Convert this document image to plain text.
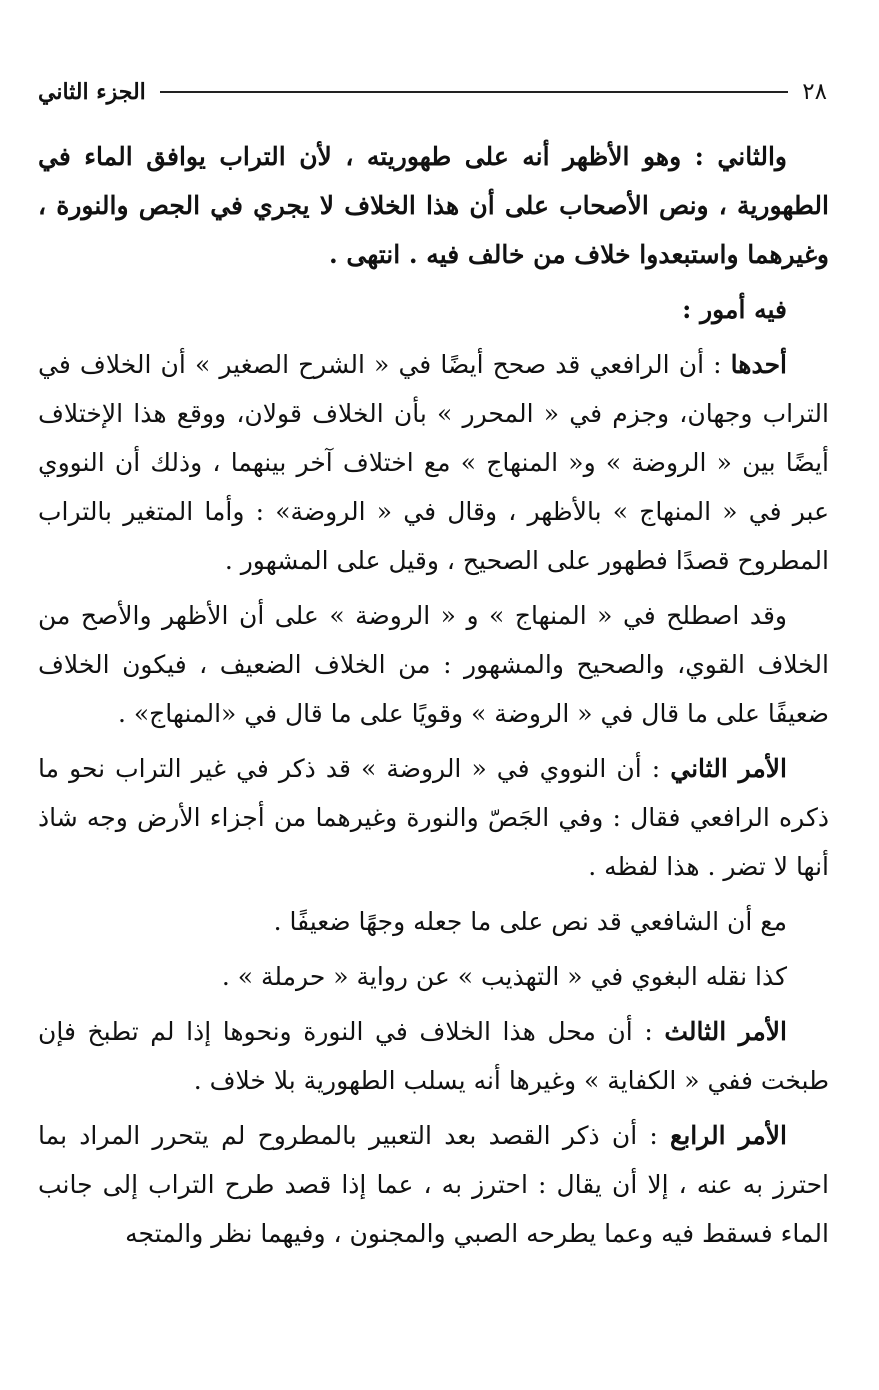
٢٨
الجزء الثاني

والثاني : وهو الأظهر أنه على طهوريته ، لأن التراب يوافق الماء في الطهورية ، ونص الأصحاب على أن هذا الخلاف لا يجري في الجص والنورة ، وغيرهما واستبعدوا خلاف من خالف فيه . انتهى .

فيه أمور :

أحدها : أن الرافعي قد صحح أيضًا في « الشرح الصغير » أن الخلاف في التراب وجهان، وجزم في « المحرر » بأن الخلاف قولان، ووقع هذا الإختلاف أيضًا بين « الروضة » و« المنهاج » مع اختلاف آخر بينهما ، وذلك أن النووي عبر في « المنهاج » بالأظهر ، وقال في « الروضة» : وأما المتغير بالتراب المطروح قصدًا فطهور على الصحيح ، وقيل على المشهور .

وقد اصطلح في « المنهاج » و « الروضة » على أن الأظهر والأصح من الخلاف القوي، والصحيح والمشهور : من الخلاف الضعيف ، فيكون الخلاف ضعيفًا على ما قال في « الروضة » وقويًا على ما قال في «المنهاج» .

الأمر الثاني : أن النووي في « الروضة » قد ذكر في غير التراب نحو ما ذكره الرافعي فقال : وفي الجَصّ والنورة وغيرهما من أجزاء الأرض وجه شاذ أنها لا تضر . هذا لفظه .

مع أن الشافعي قد نص على ما جعله وجهًا ضعيفًا .

كذا نقله البغوي في « التهذيب » عن رواية « حرملة » .

الأمر الثالث : أن محل هذا الخلاف في النورة ونحوها إذا لم تطبخ فإن طبخت ففي « الكفاية » وغيرها أنه يسلب الطهورية بلا خلاف .

الأمر الرابع : أن ذكر القصد بعد التعبير بالمطروح لم يتحرر المراد بما احترز به عنه ، إلا أن يقال : احترز به ، عما إذا قصد طرح التراب إلى جانب الماء فسقط فيه وعما يطرحه الصبي والمجنون ، وفيهما نظر والمتجه
